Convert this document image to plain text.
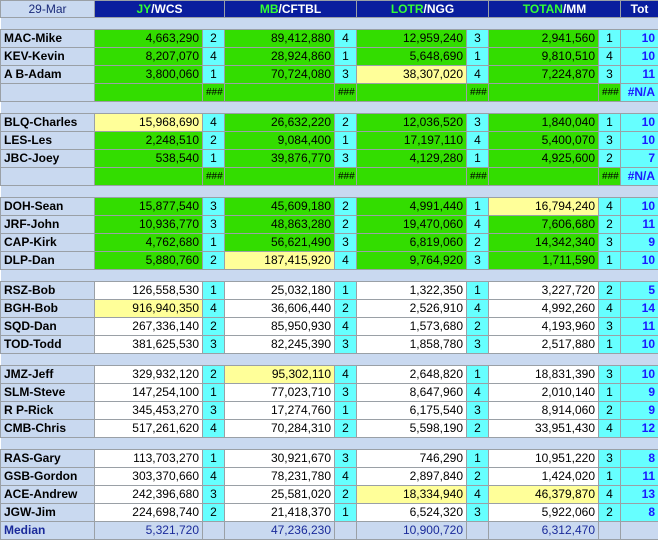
29-Mar	JY/WCS		MB/CFTBL		LOTR/NGG		TOTAN/MM		Tot

MAC-Mike	4,663,290	2	89,412,880	4	12,959,240	3	2,941,560	1	10
KEV-Kevin	8,207,070	4	28,924,860	1	5,648,690	1	9,810,510	4	10
A B-Adam	3,800,060	1	70,724,080	3	38,307,020	4	7,224,870	3	11
		###		###		###		###	#N/A

BLQ-Charles	15,968,690	4	26,632,220	2	12,036,520	3	1,840,040	1	10
LES-Les	2,248,510	2	9,084,400	1	17,197,110	4	5,400,070	3	10
JBC-Joey	538,540	1	39,876,770	3	4,129,280	1	4,925,600	2	7
		###		###		###		###	#N/A

DOH-Sean	15,877,540	3	45,609,180	2	4,991,440	1	16,794,240	4	10
JRF-John	10,936,770	3	48,863,280	2	19,470,060	4	7,606,680	2	11
CAP-Kirk	4,762,680	1	56,621,490	3	6,819,060	2	14,342,340	3	9
DLP-Dan	5,880,760	2	187,415,920	4	9,764,920	3	1,711,590	1	10

RSZ-Bob	126,558,530	1	25,032,180	1	1,322,350	1	3,227,720	2	5
BGH-Bob	916,940,350	4	36,606,440	2	2,526,910	4	4,992,260	4	14
SQD-Dan	267,336,140	2	85,950,930	4	1,573,680	2	4,193,960	3	11
TOD-Todd	381,625,530	3	82,245,390	3	1,858,780	3	2,517,880	1	10

JMZ-Jeff	329,932,120	2	95,302,110	4	2,648,820	1	18,831,390	3	10
SLM-Steve	147,254,100	1	77,023,710	3	8,647,960	4	2,010,140	1	9
R P-Rick	345,453,270	3	17,274,760	1	6,175,540	3	8,914,060	2	9
CMB-Chris	517,261,620	4	70,284,310	2	5,598,190	2	33,951,430	4	12

RAS-Gary	113,703,270	1	30,921,670	3	746,290	1	10,951,220	3	8
GSB-Gordon	303,370,660	4	78,231,780	4	2,897,840	2	1,424,020	1	11
ACE-Andrew	242,396,680	3	25,581,020	2	18,334,940	4	46,379,870	4	13
JGW-Jim	224,698,740	2	21,418,370	1	6,524,320	3	5,922,060	2	8
Median	5,321,720		47,236,230		10,900,720		6,312,470		
